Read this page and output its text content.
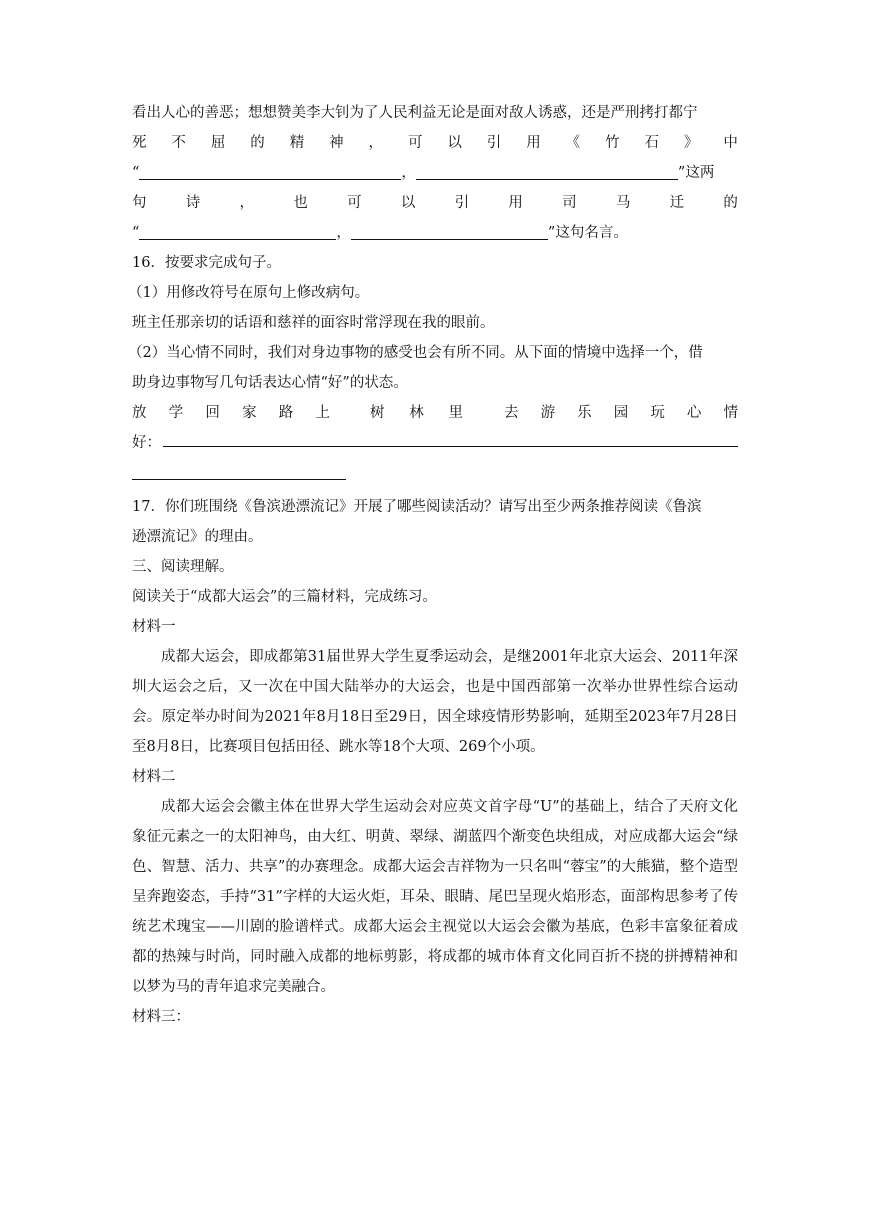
看出人心的善恶；想想赞美李大钊为了人民利益无论是面对敌人诱惑，还是严刑拷打都宁
死 不 屈 的 精 神 ， 可 以 引 用 《 竹 石 》 中
“	，	”这两
句	诗	，	也	可	以	引	用	司	马	迁	的
“	，	”这句名言。
16．按要求完成句子。
（1）用修改符号在原句上修改病句。
班主任那亲切的话语和慈祥的面容时常浮现在我的眼前。
（2）当心情不同时，我们对身边事物的感受也会有所不同。从下面的情境中选择一个，借
助身边事物写几句话表达心情“好”的状态。
放 学 回 家 路 上	树 林 里	去 游 乐 园 玩 心 情
好：
17．你们班围绕《鲁滨逊漂流记》开展了哪些阅读活动？请写出至少两条推荐阅读《鲁滨
逊漂流记》的理由。
三、阅读理解。
阅读关于“成都大运会”的三篇材料，完成练习。
材料一
成都大运会，即成都第31届世界大学生夏季运动会，是继2001年北京大运会、2011年深圳大运会之后，又一次在中国大陆举办的大运会，也是中国西部第一次举办世界性综合运动会。原定举办时间为2021年8月18日至29日，因全球疫情形势影响，延期至2023年7月28日至8月8日，比赛项目包括田径、跳水等18个大项、269个小项。
材料二
成都大运会会徽主体在世界大学生运动会对应英文首字母“U”的基础上，结合了天府文化象征元素之一的太阳神鸟，由大红、明黄、翠绿、湖蓝四个渐变色块组成，对应成都大运会“绿色、智慧、活力、共享”的办赛理念。成都大运会吉祥物为一只名叫“蓉宝”的大熊猫，整个造型呈奔跑姿态，手持“31”字样的大运火炬，耳朵、眼睛、尾巴呈现火焰形态，面部构思参考了传统艺术瑰宝——川剧的脸谱样式。成都大运会主视觉以大运会会徽为基底，色彩丰富象征着成都的热辣与时尚，同时融入成都的地标剪影，将成都的城市体育文化同百折不挠的拼搏精神和以梦为马的青年追求完美融合。
材料三：
